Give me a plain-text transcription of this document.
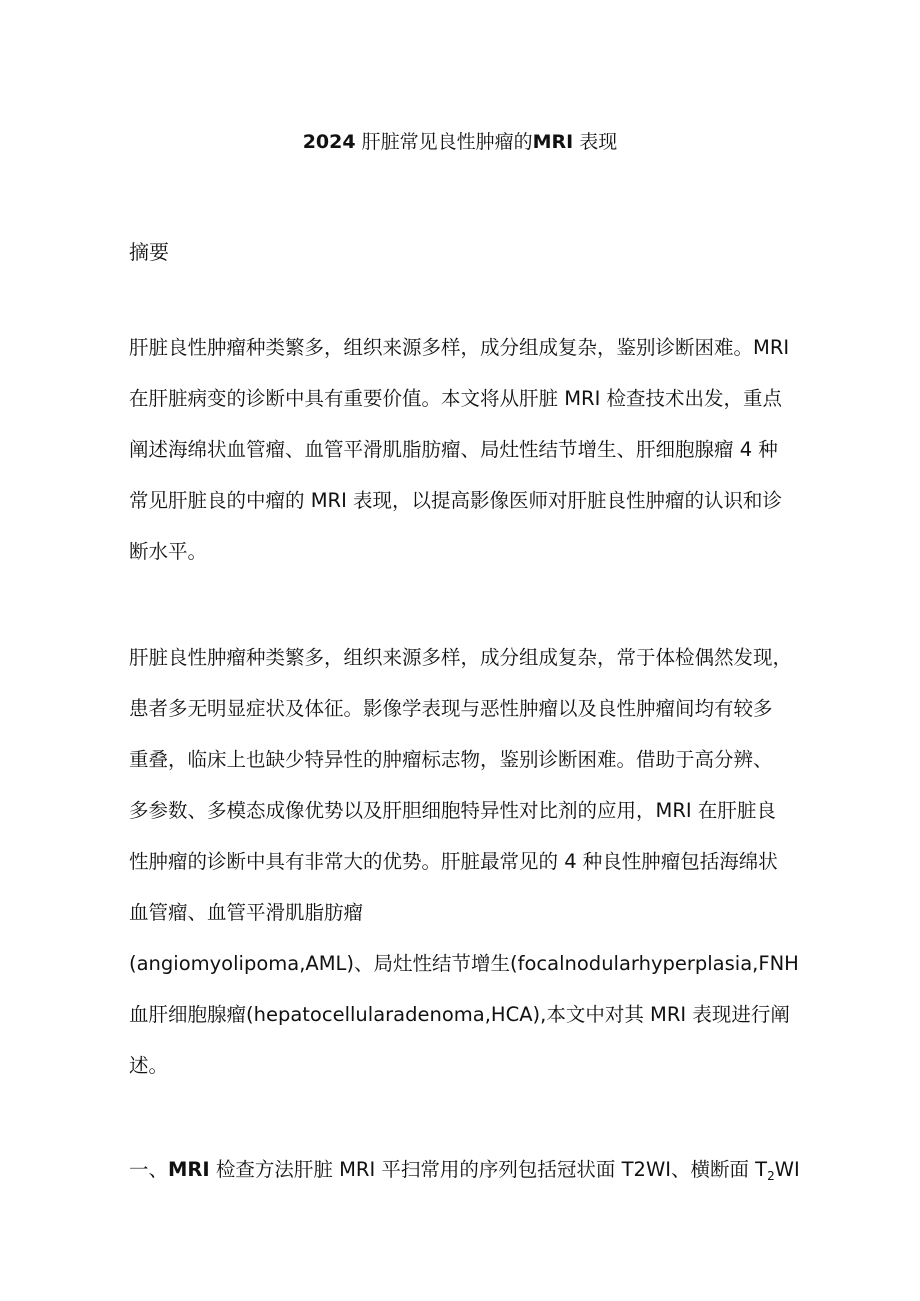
2024 肝脏常见良性肿瘤的MRI 表现
摘要
肝脏良性肿瘤种类繁多，组织来源多样，成分组成复杂，鉴别诊断困难。MRI
在肝脏病变的诊断中具有重要价值。本文将从肝脏 MRI 检查技术出发，重点
阐述海绵状血管瘤、血管平滑肌脂肪瘤、局灶性结节增生、肝细胞腺瘤 4 种
常见肝脏良的中瘤的 MRI 表现，以提高影像医师对肝脏良性肿瘤的认识和诊
断水平。
肝脏良性肿瘤种类繁多，组织来源多样，成分组成复杂，常于体检偶然发现，
患者多无明显症状及体征。影像学表现与恶性肿瘤以及良性肿瘤间均有较多
重叠，临床上也缺少特异性的肿瘤标志物，鉴别诊断困难。借助于高分辨、
多参数、多模态成像优势以及肝胆细胞特异性对比剂的应用，MRI 在肝脏良
性肿瘤的诊断中具有非常大的优势。肝脏最常见的 4 种良性肿瘤包括海绵状
血管瘤、血管平滑肌脂肪瘤
(angiomyolipoma,AML)、局灶性结节增生(focalnodularhyperplasia,FNH
血肝细胞腺瘤(hepatocellularadenoma,HCA),本文中对其 MRI 表现进行阐
述。
一、MRI 检查方法肝脏 MRI 平扫常用的序列包括冠状面 T2WI、横断面 $T_2WI$
